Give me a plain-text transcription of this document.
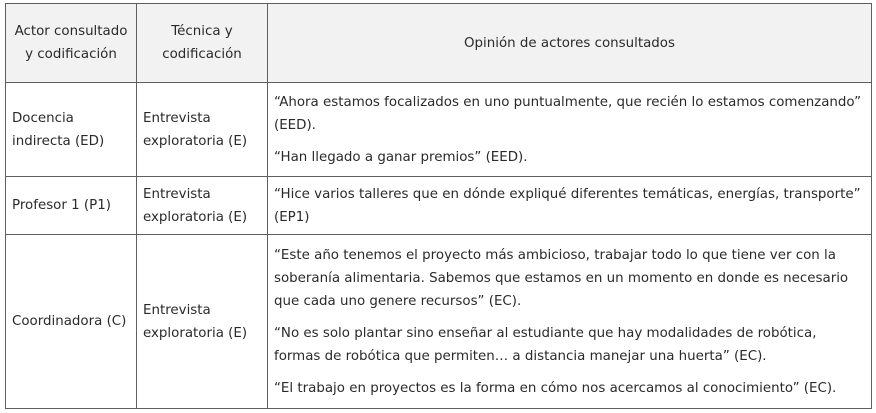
Actor consultado y codificación	Técnica y codificación	Opinión de actores consultados
Docencia indirecta (ED)	Entrevista exploratoria (E)	“Ahora estamos focalizados en uno puntualmente, que recién lo estamos comenzando” (EED).

“Han llegado a ganar premios” (EED).

Profesor 1 (P1)	Entrevista exploratoria (E)	“Hice varios talleres que en dónde expliqué diferentes temáticas, energías, transporte” (EP1)

Coordinadora (C)	Entrevista exploratoria (E)	“Este año tenemos el proyecto más ambicioso, trabajar todo lo que tiene ver con la soberanía alimentaria. Sabemos que estamos en un momento en donde es necesario que cada uno genere recursos” (EC).

“No es solo plantar sino enseñar al estudiante que hay modalidades de robótica, formas de robótica que permiten… a distancia manejar una huerta” (EC).

“El trabajo en proyectos es la forma en cómo nos acercamos al conocimiento” (EC).
